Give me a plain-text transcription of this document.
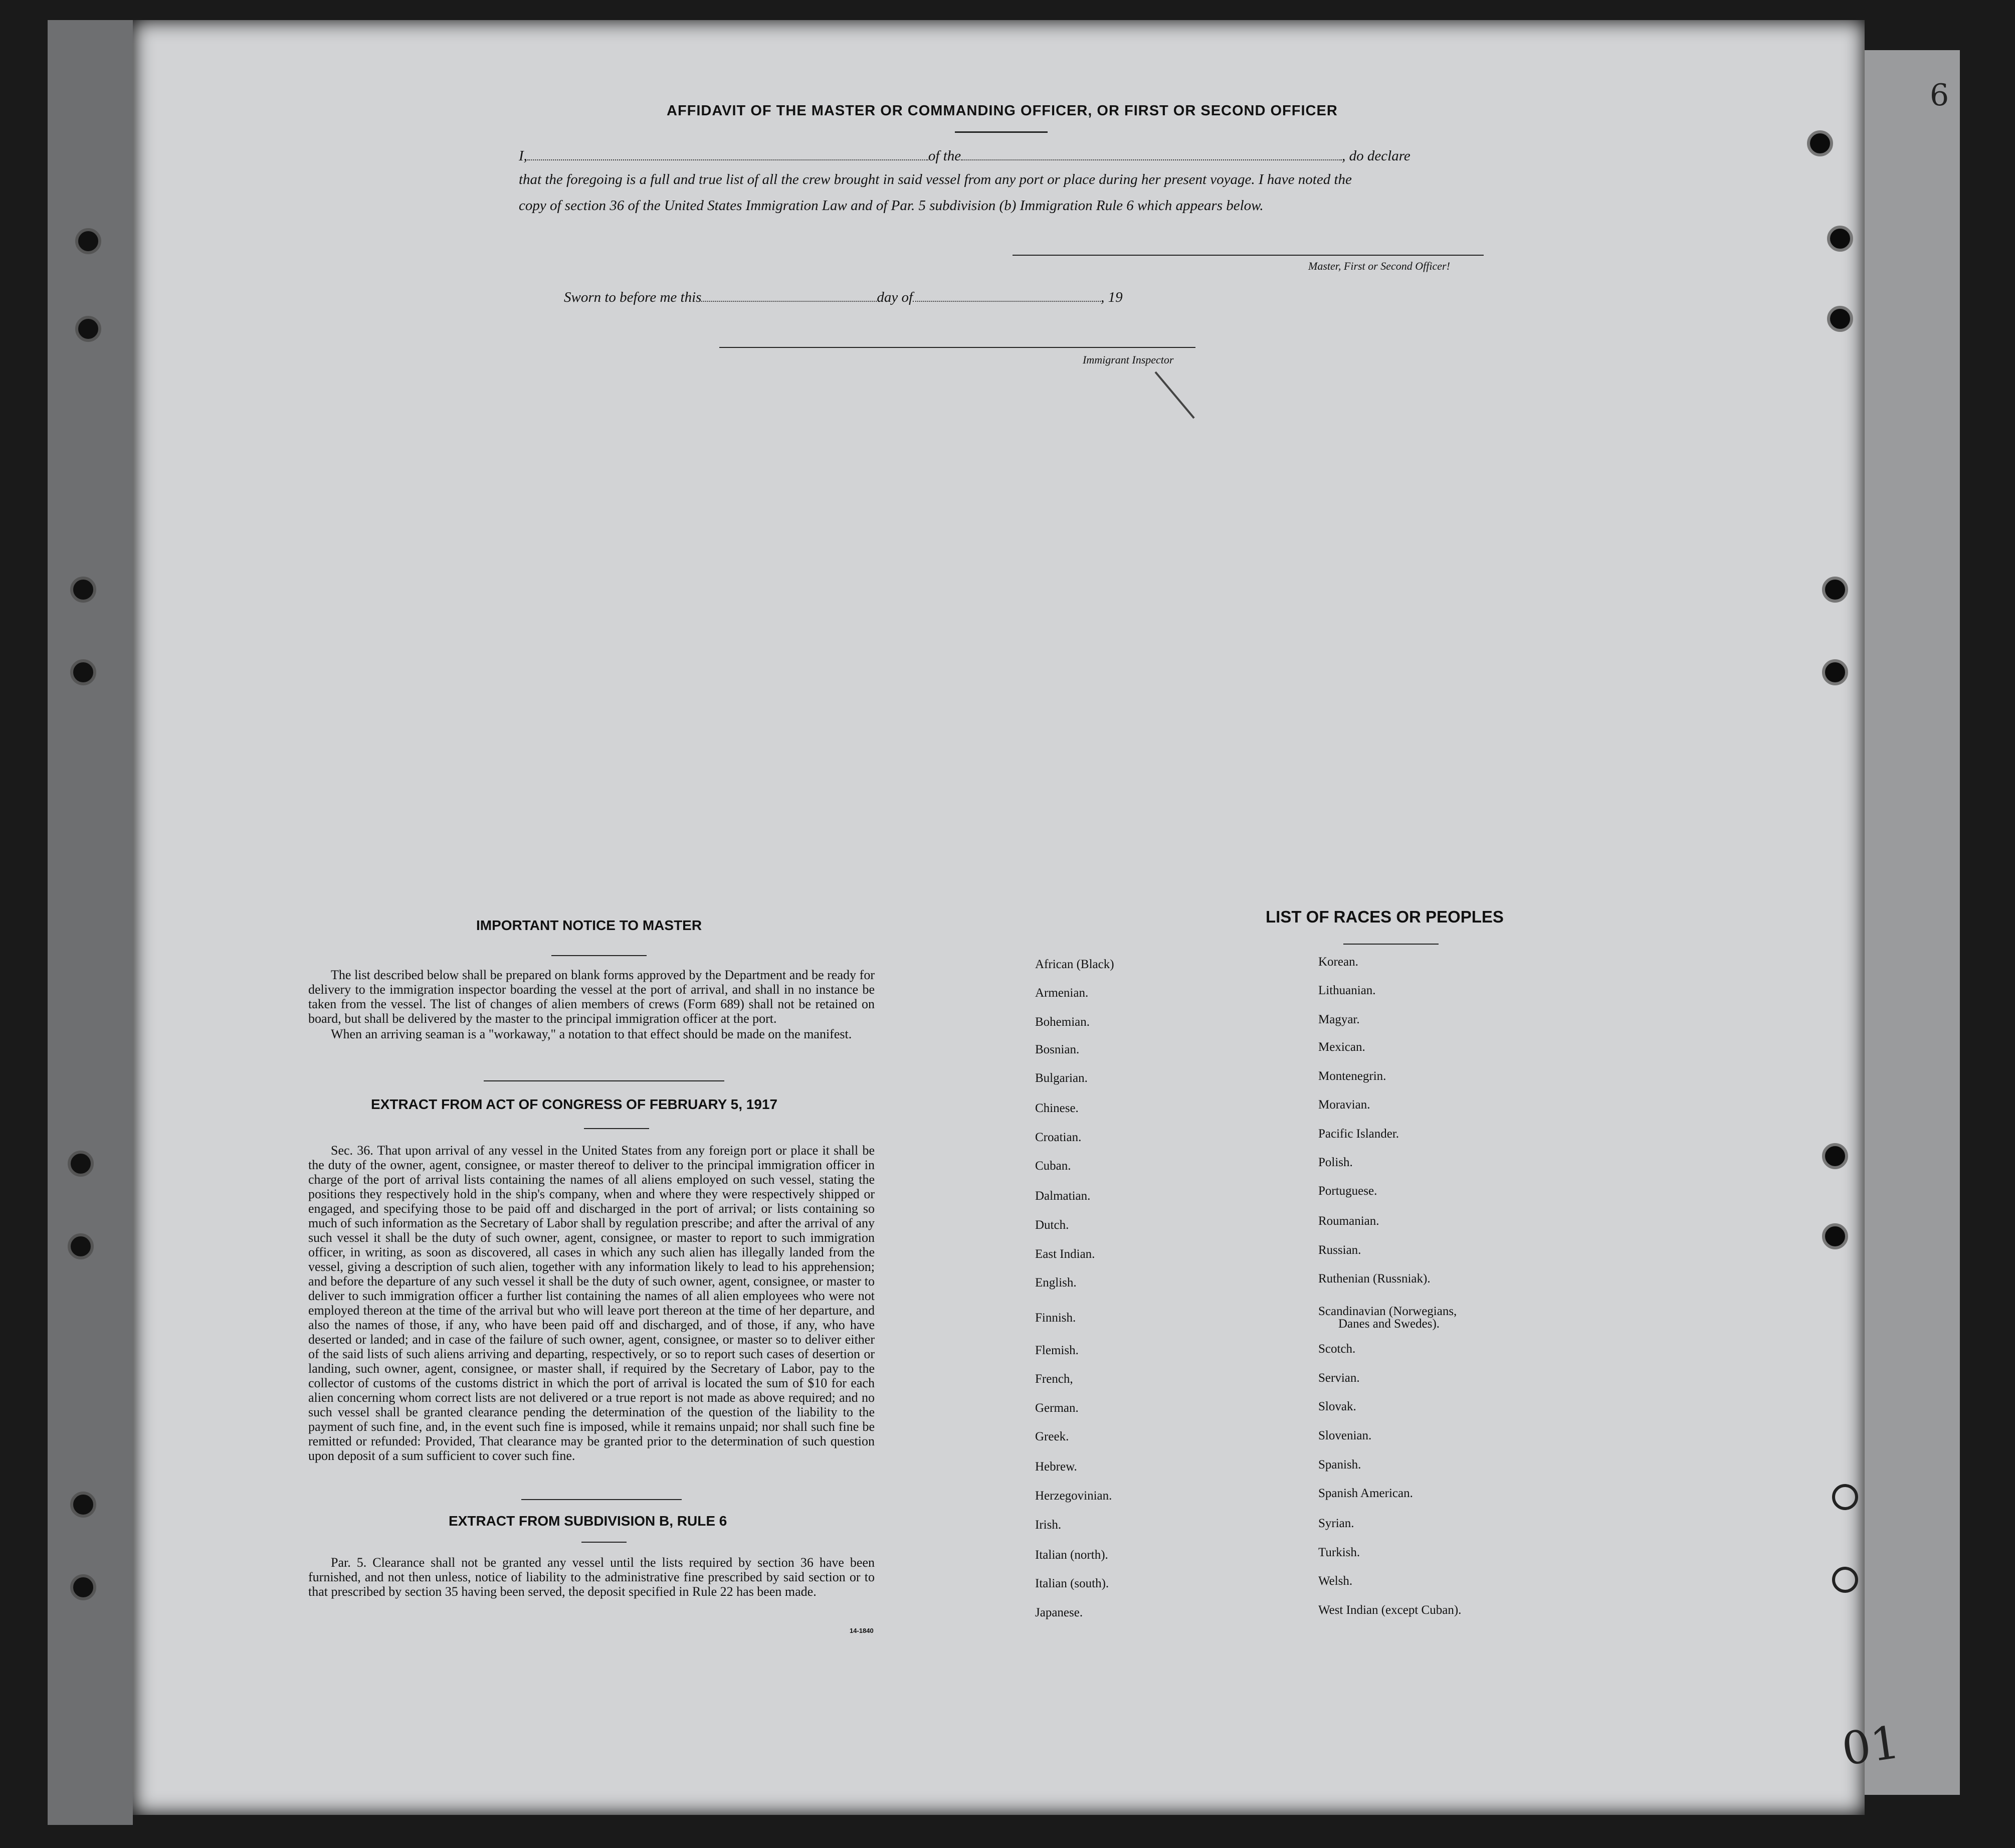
AFFIDAVIT OF THE MASTER OR COMMANDING OFFICER, OR FIRST OR SECOND OFFICER
I,	of the	, do declare
that the foregoing is a full and true list of all the crew brought in said vessel from any port or place during her present voyage. I have noted the
copy of section 36 of the United States Immigration Law and of Par. 5 subdivision (b) Immigration Rule 6 which appears below.
Master, First or Second Officer!
Sworn to before me this	day of	, 19
Immigrant Inspector
IMPORTANT NOTICE TO MASTER
The list described below shall be prepared on blank forms approved by the Department and be ready for delivery to the immigration inspector boarding the vessel at the port of arrival, and shall in no instance be taken from the vessel. The list of changes of alien members of crews (Form 689) shall not be retained on board, but shall be delivered by the master to the principal immigration officer at the port.
When an arriving seaman is a "workaway," a notation to that effect should be made on the manifest.
EXTRACT FROM ACT OF CONGRESS OF FEBRUARY 5, 1917
Sec. 36. That upon arrival of any vessel in the United States from any foreign port or place it shall be the duty of the owner, agent, consignee, or master thereof to deliver to the principal immigration officer in charge of the port of arrival lists containing the names of all aliens employed on such vessel, stating the positions they respectively hold in the ship's company, when and where they were respectively shipped or engaged, and specifying those to be paid off and discharged in the port of arrival; or lists containing so much of such information as the Secretary of Labor shall by regulation prescribe; and after the arrival of any such vessel it shall be the duty of such owner, agent, consignee, or master to report to such immigration officer, in writing, as soon as discovered, all cases in which any such alien has illegally landed from the vessel, giving a description of such alien, together with any information likely to lead to his apprehension; and before the departure of any such vessel it shall be the duty of such owner, agent, consignee, or master to deliver to such immigration officer a further list containing the names of all alien employees who were not employed thereon at the time of the arrival but who will leave port thereon at the time of her departure, and also the names of those, if any, who have been paid off and discharged, and of those, if any, who have deserted or landed; and in case of the failure of such owner, agent, consignee, or master so to deliver either of the said lists of such aliens arriving and departing, respectively, or so to report such cases of desertion or landing, such owner, agent, consignee, or master shall, if required by the Secretary of Labor, pay to the collector of customs of the customs district in which the port of arrival is located the sum of $10 for each alien concerning whom correct lists are not delivered or a true report is not made as above required; and no such vessel shall be granted clearance pending the determination of the question of the liability to the payment of such fine, and, in the event such fine is imposed, while it remains unpaid; nor shall such fine be remitted or refunded: Provided, That clearance may be granted prior to the determination of such question upon deposit of a sum sufficient to cover such fine.
EXTRACT FROM SUBDIVISION B, RULE 6
Par. 5. Clearance shall not be granted any vessel until the lists required by section 36 have been furnished, and not then unless, notice of liability to the administrative fine prescribed by said section or to that prescribed by section 35 having been served, the deposit specified in Rule 22 has been made.
14-1840
LIST OF RACES OR PEOPLES
6
01
African (Black)
Armenian.
Bohemian.
Bosnian.
Bulgarian.
Chinese.
Croatian.
Cuban.
Dalmatian.
Dutch.
East Indian.
English.
Finnish.
Flemish.
French,
German.
Greek.
Hebrew.
Herzegovinian.
Irish.
Italian (north).
Italian (south).
Japanese.
Korean.
Lithuanian.
Magyar.
Mexican.
Montenegrin.
Moravian.
Pacific Islander.
Polish.
Portuguese.
Roumanian.
Russian.
Ruthenian (Russniak).
Scandinavian (Norwegians,
Danes and Swedes).
Scotch.
Servian.
Slovak.
Slovenian.
Spanish.
Spanish American.
Syrian.
Turkish.
Welsh.
West Indian (except Cuban).
